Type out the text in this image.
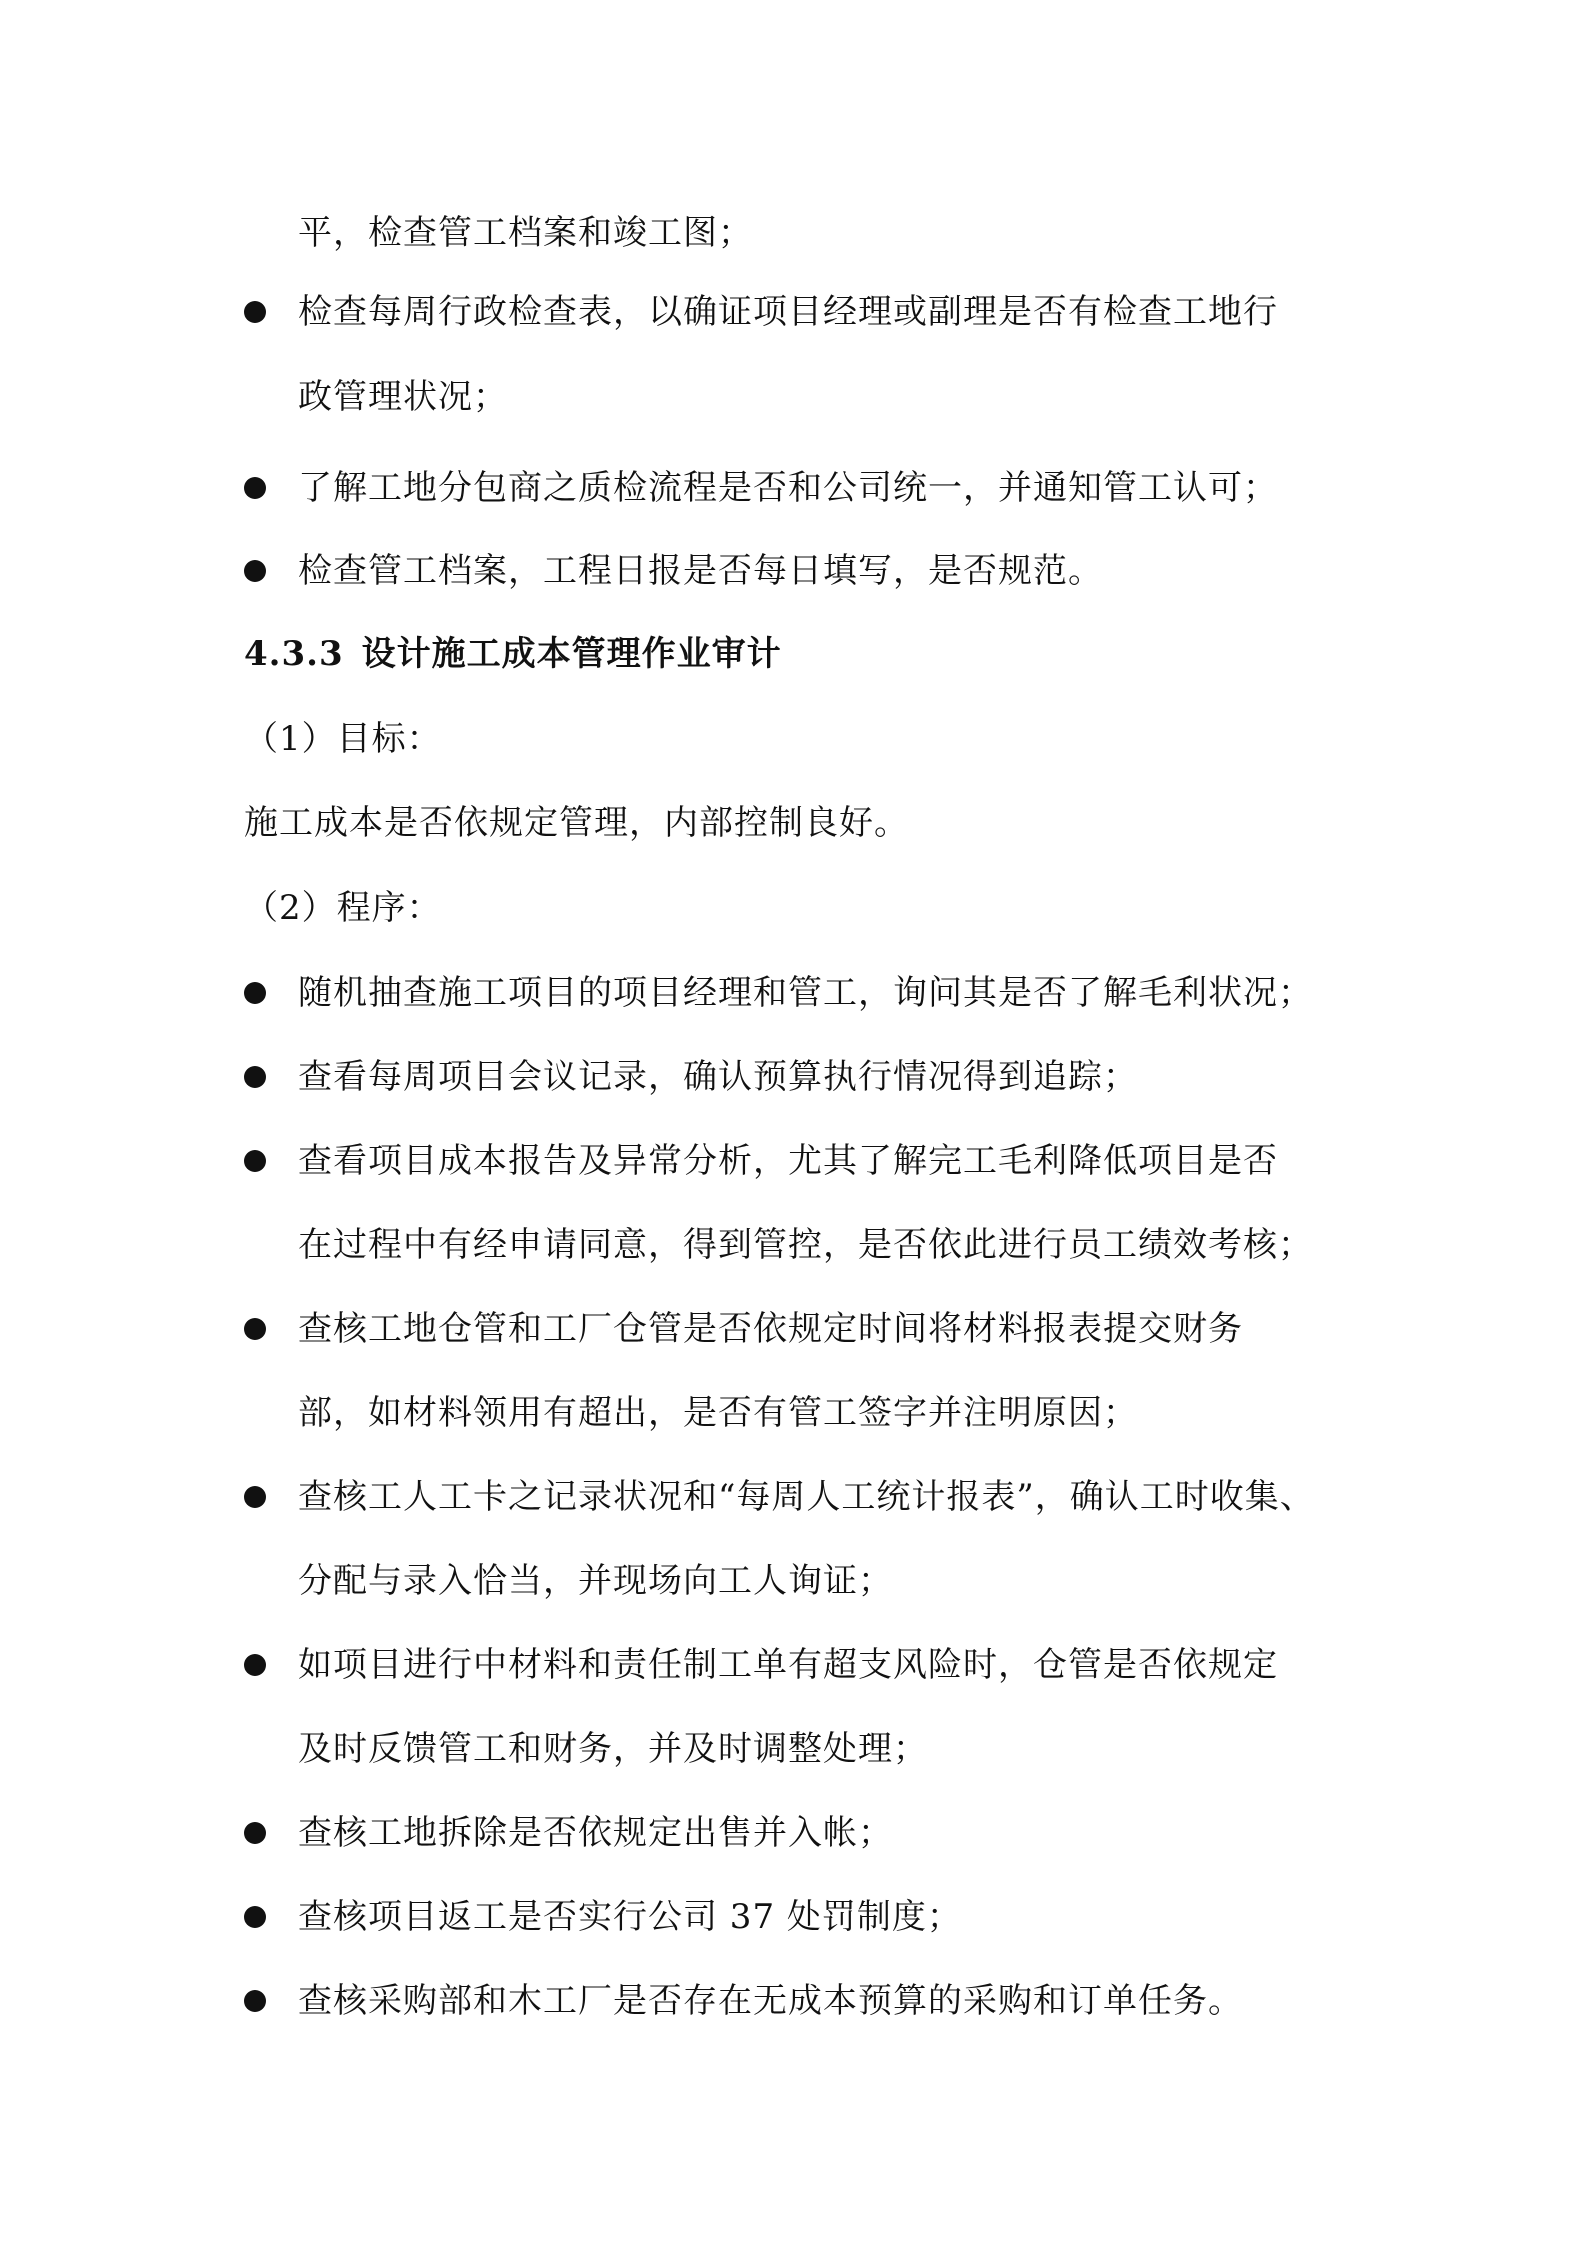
平，检查管工档案和竣工图；
检查每周行政检查表，以确证项目经理或副理是否有检查工地行
政管理状况；
了解工地分包商之质检流程是否和公司统一，并通知管工认可；
检查管工档案，工程日报是否每日填写，是否规范。
4.3.3 设计施工成本管理作业审计
（1）目标：
施工成本是否依规定管理，内部控制良好。
（2）程序：
随机抽查施工项目的项目经理和管工，询问其是否了解毛利状况；
查看每周项目会议记录，确认预算执行情况得到追踪；
查看项目成本报告及异常分析，尤其了解完工毛利降低项目是否
在过程中有经申请同意，得到管控，是否依此进行员工绩效考核；
查核工地仓管和工厂仓管是否依规定时间将材料报表提交财务
部，如材料领用有超出，是否有管工签字并注明原因；
查核工人工卡之记录状况和“每周人工统计报表”，确认工时收集、
分配与录入恰当，并现场向工人询证；
如项目进行中材料和责任制工单有超支风险时，仓管是否依规定
及时反馈管工和财务，并及时调整处理；
查核工地拆除是否依规定出售并入帐；
查核项目返工是否实行公司 37 处罚制度；
查核采购部和木工厂是否存在无成本预算的采购和订单任务。
